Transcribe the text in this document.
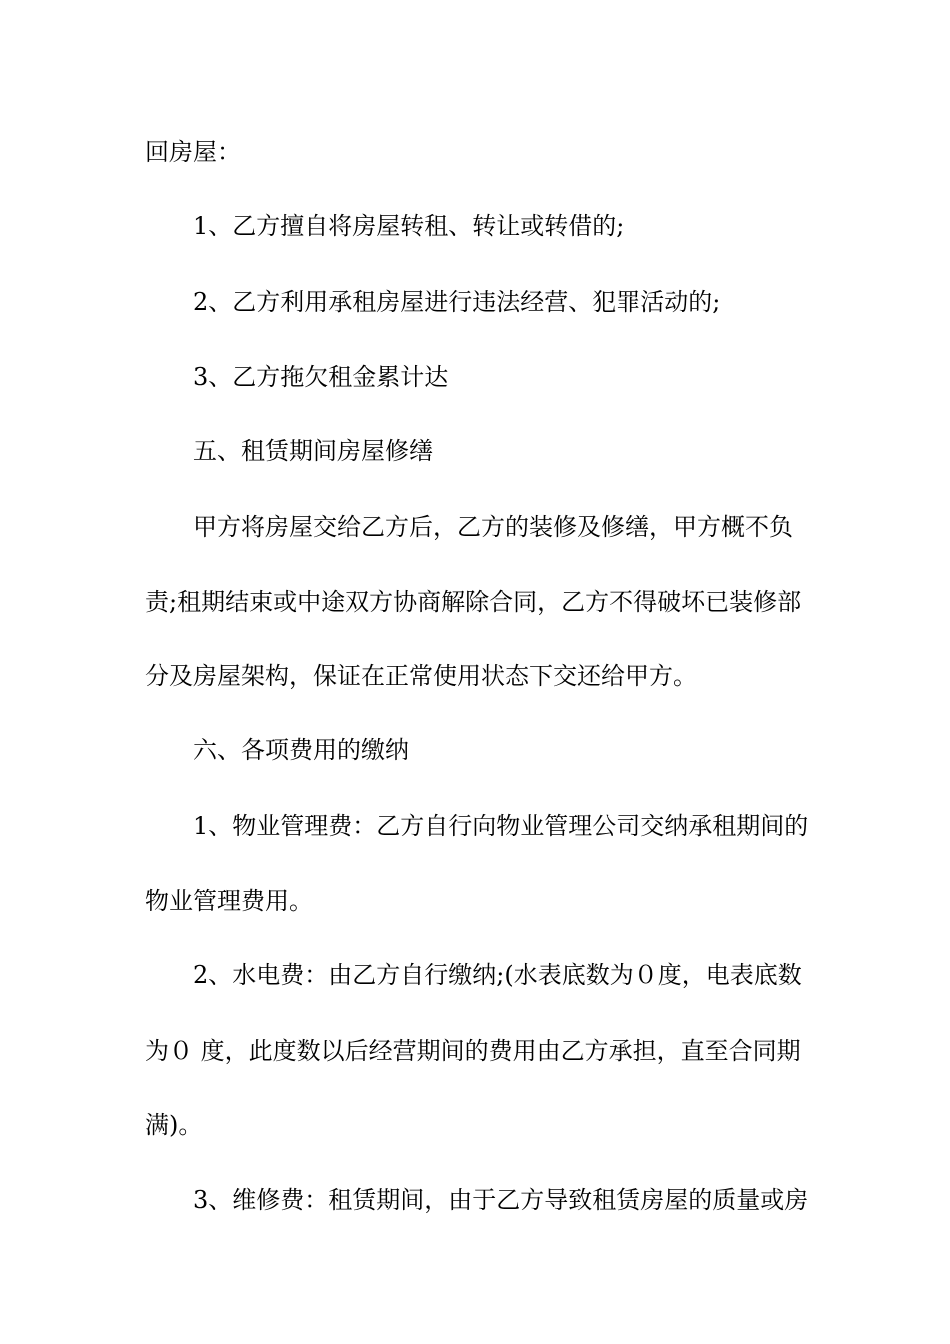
回房屋：
1、乙方擅自将房屋转租、转让或转借的;
2、乙方利用承租房屋进行违法经营、犯罪活动的;
3、乙方拖欠租金累计达
五、租赁期间房屋修缮
甲方将房屋交给乙方后，乙方的装修及修缮，甲方概不负
责;租期结束或中途双方协商解除合同，乙方不得破坏已装修部
分及房屋架构，保证在正常使用状态下交还给甲方。
六、各项费用的缴纳
1、物业管理费：乙方自行向物业管理公司交纳承租期间的
物业管理费用。
2、水电费：由乙方自行缴纳;(水表底数为０度，电表底数
为０ 度，此度数以后经营期间的费用由乙方承担，直至合同期
满)。
3、维修费：租赁期间，由于乙方导致租赁房屋的质量或房
